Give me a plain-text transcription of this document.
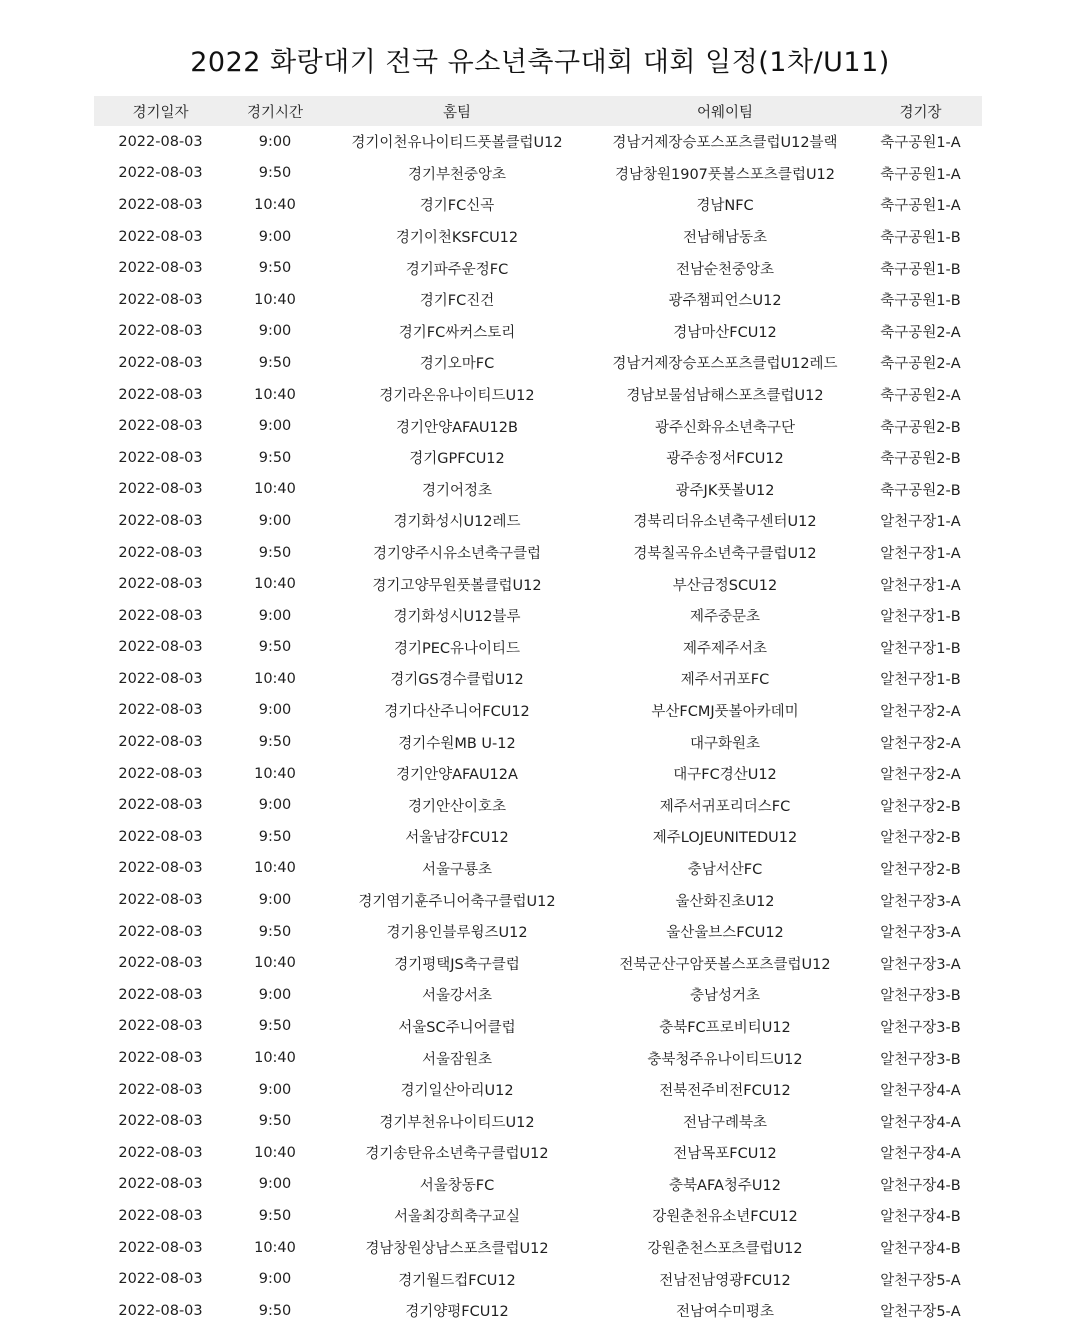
2022 화랑대기 전국 유소년축구대회 대회 일정(1차/U11)
경기일자	경기시간	홈팀	어웨이팀	경기장
2022-08-03	9:00	경기이천유나이티드풋볼클럽U12	경남거제장승포스포츠클럽U12블랙	축구공원1-A
2022-08-03	9:50	경기부천중앙초	경남창원1907풋볼스포츠클럽U12	축구공원1-A
2022-08-03	10:40	경기FC신곡	경남NFC	축구공원1-A
2022-08-03	9:00	경기이천KSFCU12	전남해남동초	축구공원1-B
2022-08-03	9:50	경기파주운정FC	전남순천중앙초	축구공원1-B
2022-08-03	10:40	경기FC진건	광주챔피언스U12	축구공원1-B
2022-08-03	9:00	경기FC싸커스토리	경남마산FCU12	축구공원2-A
2022-08-03	9:50	경기오마FC	경남거제장승포스포츠클럽U12레드	축구공원2-A
2022-08-03	10:40	경기라온유나이티드U12	경남보물섬남해스포츠클럽U12	축구공원2-A
2022-08-03	9:00	경기안양AFAU12B	광주신화유소년축구단	축구공원2-B
2022-08-03	9:50	경기GPFCU12	광주송정서FCU12	축구공원2-B
2022-08-03	10:40	경기어정초	광주JK풋볼U12	축구공원2-B
2022-08-03	9:00	경기화성시U12레드	경북리더유소년축구센터U12	알천구장1-A
2022-08-03	9:50	경기양주시유소년축구클럽	경북칠곡유소년축구클럽U12	알천구장1-A
2022-08-03	10:40	경기고양무원풋볼클럽U12	부산금정SCU12	알천구장1-A
2022-08-03	9:00	경기화성시U12블루	제주중문초	알천구장1-B
2022-08-03	9:50	경기PEC유나이티드	제주제주서초	알천구장1-B
2022-08-03	10:40	경기GS경수클럽U12	제주서귀포FC	알천구장1-B
2022-08-03	9:00	경기다산주니어FCU12	부산FCMJ풋볼아카데미	알천구장2-A
2022-08-03	9:50	경기수원MB U-12	대구화원초	알천구장2-A
2022-08-03	10:40	경기안양AFAU12A	대구FC경산U12	알천구장2-A
2022-08-03	9:00	경기안산이호초	제주서귀포리더스FC	알천구장2-B
2022-08-03	9:50	서울남강FCU12	제주LOJEUNITEDU12	알천구장2-B
2022-08-03	10:40	서울구룡초	충남서산FC	알천구장2-B
2022-08-03	9:00	경기염기훈주니어축구클럽U12	울산화진초U12	알천구장3-A
2022-08-03	9:50	경기용인블루윙즈U12	울산울브스FCU12	알천구장3-A
2022-08-03	10:40	경기평택JS축구클럽	전북군산구암풋볼스포츠클럽U12	알천구장3-A
2022-08-03	9:00	서울강서초	충남성거초	알천구장3-B
2022-08-03	9:50	서울SC주니어클럽	충북FC프로비티U12	알천구장3-B
2022-08-03	10:40	서울잠원초	충북청주유나이티드U12	알천구장3-B
2022-08-03	9:00	경기일산아리U12	전북전주비전FCU12	알천구장4-A
2022-08-03	9:50	경기부천유나이티드U12	전남구례북초	알천구장4-A
2022-08-03	10:40	경기송탄유소년축구클럽U12	전남목포FCU12	알천구장4-A
2022-08-03	9:00	서울창동FC	충북AFA청주U12	알천구장4-B
2022-08-03	9:50	서울최강희축구교실	강원춘천유소년FCU12	알천구장4-B
2022-08-03	10:40	경남창원상남스포츠클럽U12	강원춘천스포츠클럽U12	알천구장4-B
2022-08-03	9:00	경기월드컵FCU12	전남전남영광FCU12	알천구장5-A
2022-08-03	9:50	경기양평FCU12	전남여수미평초	알천구장5-A
